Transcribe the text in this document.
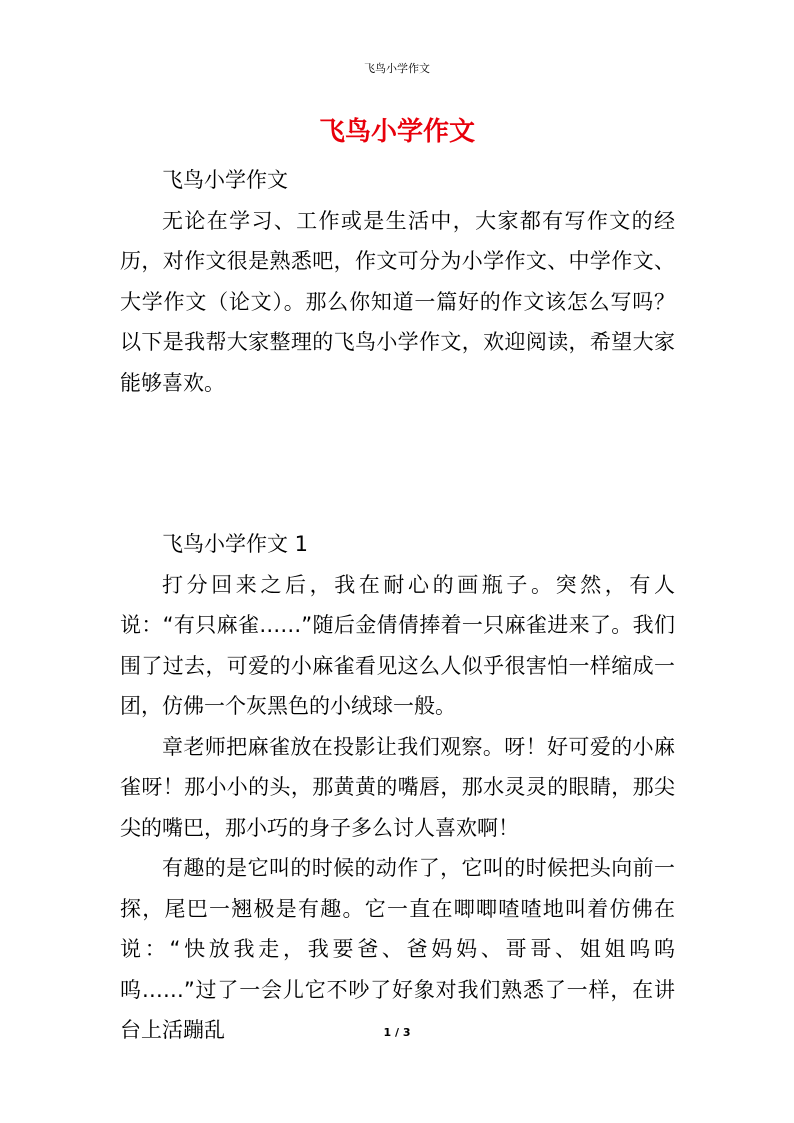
飞鸟小学作文
飞鸟小学作文

飞鸟小学作文

无论在学习、工作或是生活中，大家都有写作文的经历，对作文很是熟悉吧，作文可分为小学作文、中学作文、大学作文（论文）。那么你知道一篇好的作文该怎么写吗？以下是我帮大家整理的飞鸟小学作文，欢迎阅读，希望大家能够喜欢。

飞鸟小学作文 1

打分回来之后，我在耐心的画瓶子。突然，有人说：“有只麻雀……”随后金倩倩捧着一只麻雀进来了。我们围了过去，可爱的小麻雀看见这么人似乎很害怕一样缩成一团，仿佛一个灰黑色的小绒球一般。

章老师把麻雀放在投影让我们观察。呀！好可爱的小麻雀呀！那小小的头，那黄黄的嘴唇，那水灵灵的眼睛，那尖尖的嘴巴，那小巧的身子多么讨人喜欢啊！

有趣的是它叫的时候的动作了，它叫的时候把头向前一探，尾巴一翘极是有趣。它一直在唧唧喳喳地叫着仿佛在说：“快放我走，我要爸、爸妈妈、哥哥、姐姐呜呜呜……”过了一会儿它不吵了好象对我们熟悉了一样，在讲台上活蹦乱	1 / 3
